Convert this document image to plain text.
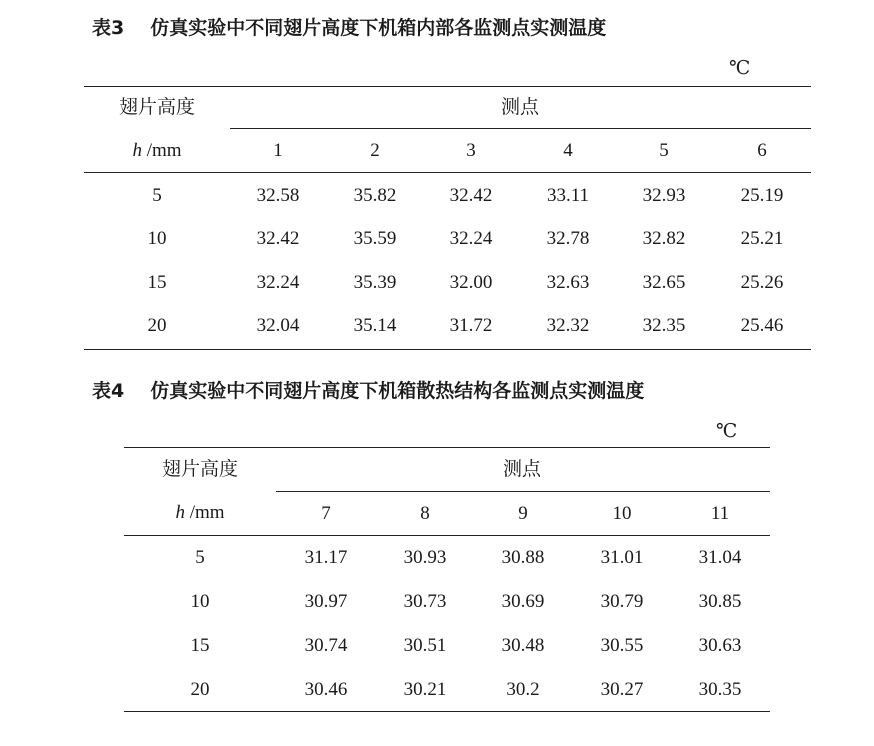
表3 仿真实验中不同翅片高度下机箱内部各监测点实测温度
℃
翅片高度
h /mm
测点
1	2	3	4	5	6
5	32.58	35.82	32.42	33.11	32.93	25.19
10	32.42	35.59	32.24	32.78	32.82	25.21
15	32.24	35.39	32.00	32.63	32.65	25.26
20	32.04	35.14	31.72	32.32	32.35	25.46
表4 仿真实验中不同翅片高度下机箱散热结构各监测点实测温度
℃
翅片高度
h /mm
测点
7	8	9	10	11
5	31.17	30.93	30.88	31.01	31.04
10	30.97	30.73	30.69	30.79	30.85
15	30.74	30.51	30.48	30.55	30.63
20	30.46	30.21	30.2	30.27	30.35
